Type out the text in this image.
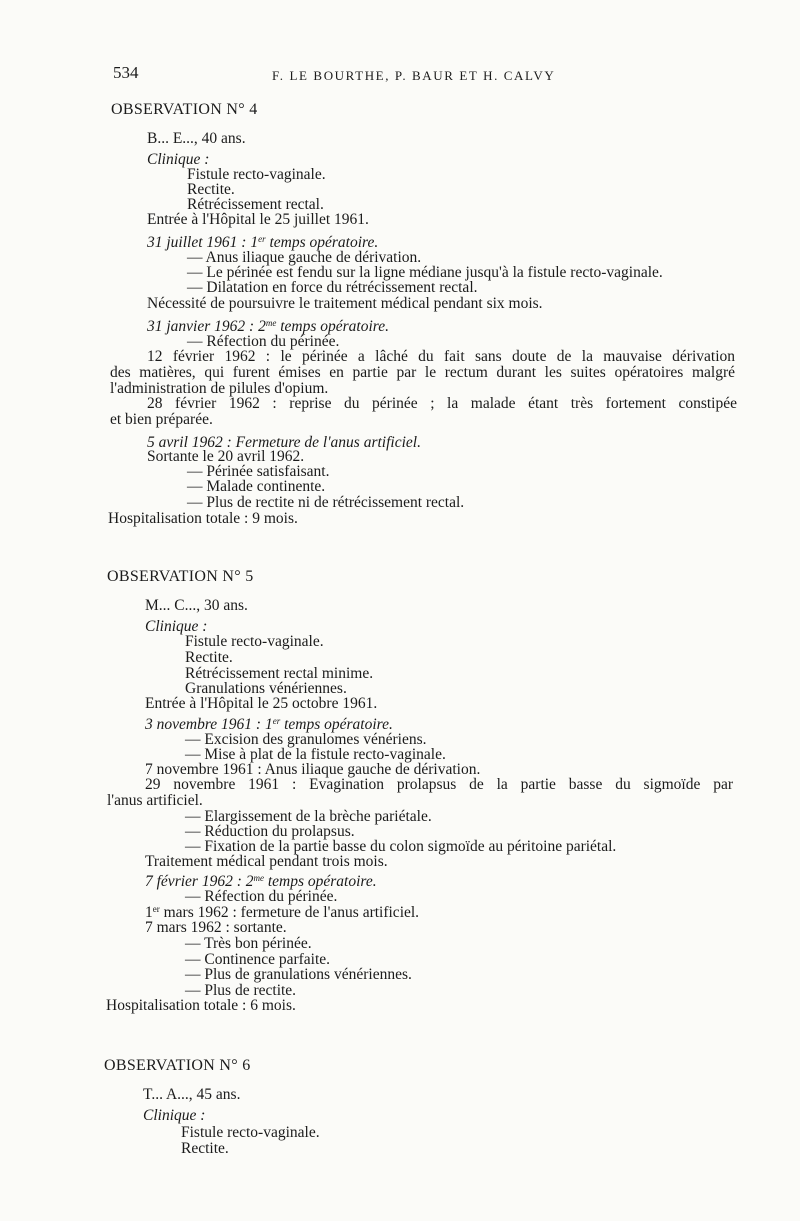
534	F. LE BOURTHE, P. BAUR ET H. CALVY
OBSERVATION N° 4
B... E..., 40 ans.
Clinique :
Fistule recto-vaginale.
Rectite.
Rétrécissement rectal.
Entrée à l'Hôpital le 25 juillet 1961.
31 juillet 1961 : 1er temps opératoire.
— Anus iliaque gauche de dérivation.
— Le périnée est fendu sur la ligne médiane jusqu'à la fistule recto-vaginale.
— Dilatation en force du rétrécissement rectal.
Nécessité de poursuivre le traitement médical pendant six mois.
31 janvier 1962 : $2^{me}$ temps opératoire.
— Réfection du périnée.
12 février 1962 : le périnée a lâché du fait sans doute de la mauvaise dérivation
des matières, qui furent émises en partie par le rectum durant les suites opératoires malgré
l'administration de pilules d'opium.
28 février 1962 : reprise du périnée ; la malade étant très fortement constipée
et bien préparée.
5 avril 1962 : Fermeture de l'anus artificiel.
Sortante le 20 avril 1962.
— Périnée satisfaisant.
— Malade continente.
— Plus de rectite ni de rétrécissement rectal.
Hospitalisation totale : 9 mois.
OBSERVATION N° 5
M... C..., 30 ans.
Clinique :
Fistule recto-vaginale.
Rectite.
Rétrécissement rectal minime.
Granulations vénériennes.
Entrée à l'Hôpital le 25 octobre 1961.
3 novembre 1961 : 1er temps opératoire.
— Excision des granulomes vénériens.
— Mise à plat de la fistule recto-vaginale.
7 novembre 1961 : Anus iliaque gauche de dérivation.
29 novembre 1961 : Evagination prolapsus de la partie basse du sigmoïde par
l'anus artificiel.
— Elargissement de la brèche pariétale.
— Réduction du prolapsus.
— Fixation de la partie basse du colon sigmoïde au péritoine pariétal.
Traitement médical pendant trois mois.
7 février 1962 : $2^{me}$ temps opératoire.
— Réfection du périnée.
1er mars 1962 : fermeture de l'anus artificiel.
7 mars 1962 : sortante.
— Très bon périnée.
— Continence parfaite.
— Plus de granulations vénériennes.
— Plus de rectite.
Hospitalisation totale : 6 mois.
OBSERVATION N° 6
T... A..., 45 ans.
Clinique :
Fistule recto-vaginale.
Rectite.
